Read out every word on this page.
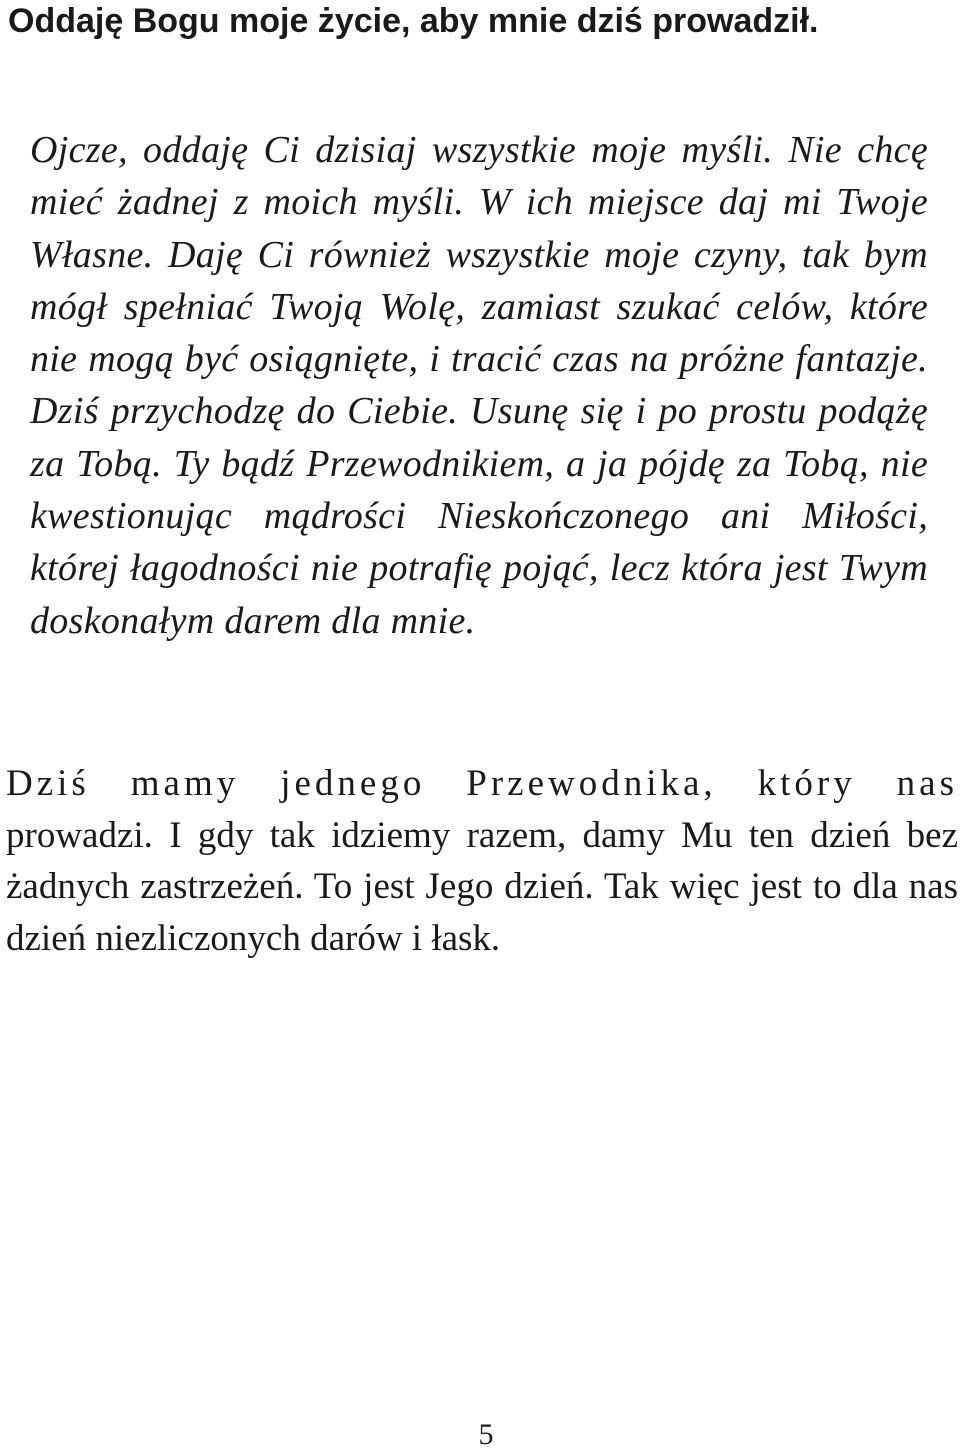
Oddaję Bogu moje życie, aby mnie dziś prowadził.

Ojcze, oddaję Ci dzisiaj wszystkie moje myśli. Nie chcę mieć żadnej z moich myśli. W ich miejsce daj mi Twoje Własne. Daję Ci również wszystkie moje czyny, tak bym mógł spełniać Twoją Wolę, zamiast szukać celów, które nie mogą być osiągnięte, i tracić czas na próżne fantazje. Dziś przychodzę do Ciebie. Usunę się i po prostu podążę za Tobą. Ty bądź Przewodnikiem, a ja pójdę za Tobą, nie kwestionując mądrości Nieskończonego ani Miłości, której łagodności nie potrafię pojąć, lecz która jest Twym doskonałym darem dla mnie.

Dziś mamy jednego Przewodnika, który nas prowadzi. I gdy tak idziemy razem, damy Mu ten dzień bez żadnych zastrzeżeń. To jest Jego dzień. Tak więc jest to dla nas dzień niezliczonych darów i łask.

5
